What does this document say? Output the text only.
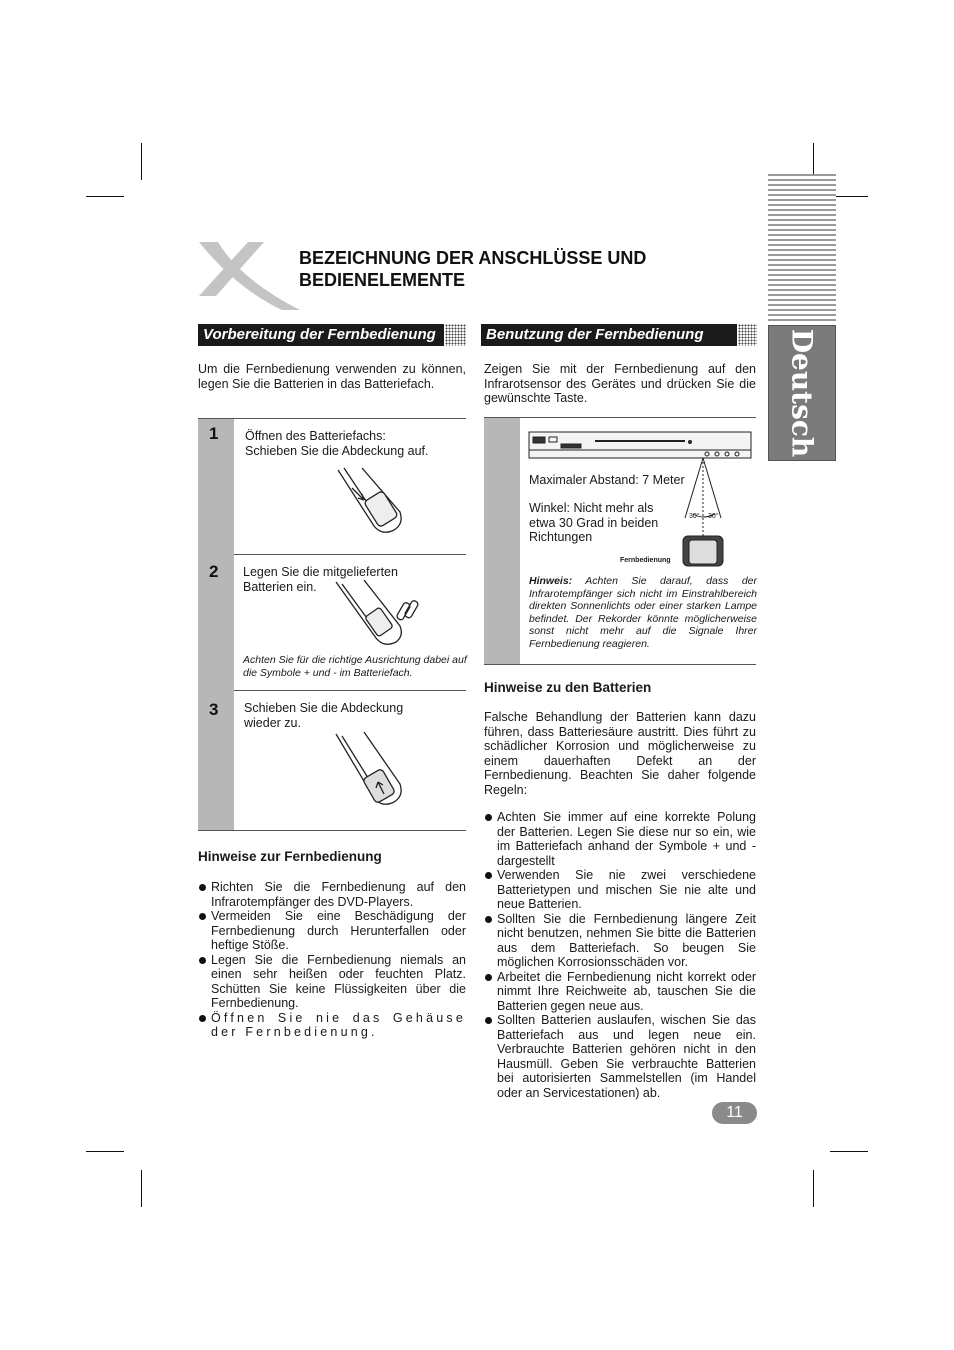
Deutsch
BEZEICHNUNG DER ANSCHLÜSSE UND
BEDIENELEMENTE
Vorbereitung der Fernbedienung
Um die Fernbedienung verwenden zu können, legen Sie die Batterien in das Batteriefach.
1 Öffnen des Batteriefachs:
Schieben Sie die Abdeckung auf.
2 Legen Sie die mitgelieferten
Batterien ein.
Achten Sie für die richtige Ausrichtung dabei auf die Symbole + und - im Batteriefach.
3 Schieben Sie die Abdeckung
wieder zu.
Hinweise zur Fernbedienung
Richten Sie die Fernbedienung auf den Infrarotempfänger des DVD-Players.
Vermeiden Sie eine Beschädigung der Fernbedienung durch Herunterfallen oder heftige Stöße.
Legen Sie die Fernbedienung niemals an einen sehr heißen oder feuchten Platz. Schütten Sie keine Flüssigkeiten über die Fernbedienung.
Öffnen Sie nie das Gehäuse der Fernbedienung.
Benutzung der Fernbedienung
Zeigen Sie mit der Fernbedienung auf den Infrarotsensor des Gerätes und drücken Sie die gewünschte Taste.
30° 30°
Maximaler Abstand: 7 Meter
Winkel: Nicht mehr als etwa 30 Grad in beiden Richtungen
Fernbedienung
Hinweis: Achten Sie darauf, dass der Infrarotempfänger sich nicht im Einstrahlbereich direkten Sonnenlichts oder einer starken Lampe befindet. Der Rekorder könnte möglicherweise sonst nicht mehr auf die Signale Ihrer Fernbedienung reagieren.
Hinweise zu den Batterien
Falsche Behandlung der Batterien kann dazu führen, dass Batteriesäure austritt. Dies führt zu schädlicher Korrosion und möglicherweise zu einem dauerhaften Defekt an der Fernbedienung. Beachten Sie daher folgende Regeln:
Achten Sie immer auf eine korrekte Polung der Batterien. Legen Sie diese nur so ein, wie im Batteriefach anhand der Symbole + und - dargestellt
Verwenden Sie nie zwei verschiedene Batterietypen und mischen Sie nie alte und neue Batterien.
Sollten Sie die Fernbedienung längere Zeit nicht benutzen, nehmen Sie bitte die Batterien aus dem Batteriefach. So beugen Sie möglichen Korrosionsschäden vor.
Arbeitet die Fernbedienung nicht korrekt oder nimmt Ihre Reichweite ab, tauschen Sie die Batterien gegen neue aus.
Sollten Batterien auslaufen, wischen Sie das Batteriefach aus und legen neue ein. Verbrauchte Batterien gehören nicht in den Hausmüll. Geben Sie verbrauchte Batterien bei autorisierten Sammelstellen (im Handel oder an Servicestationen) ab.
11
